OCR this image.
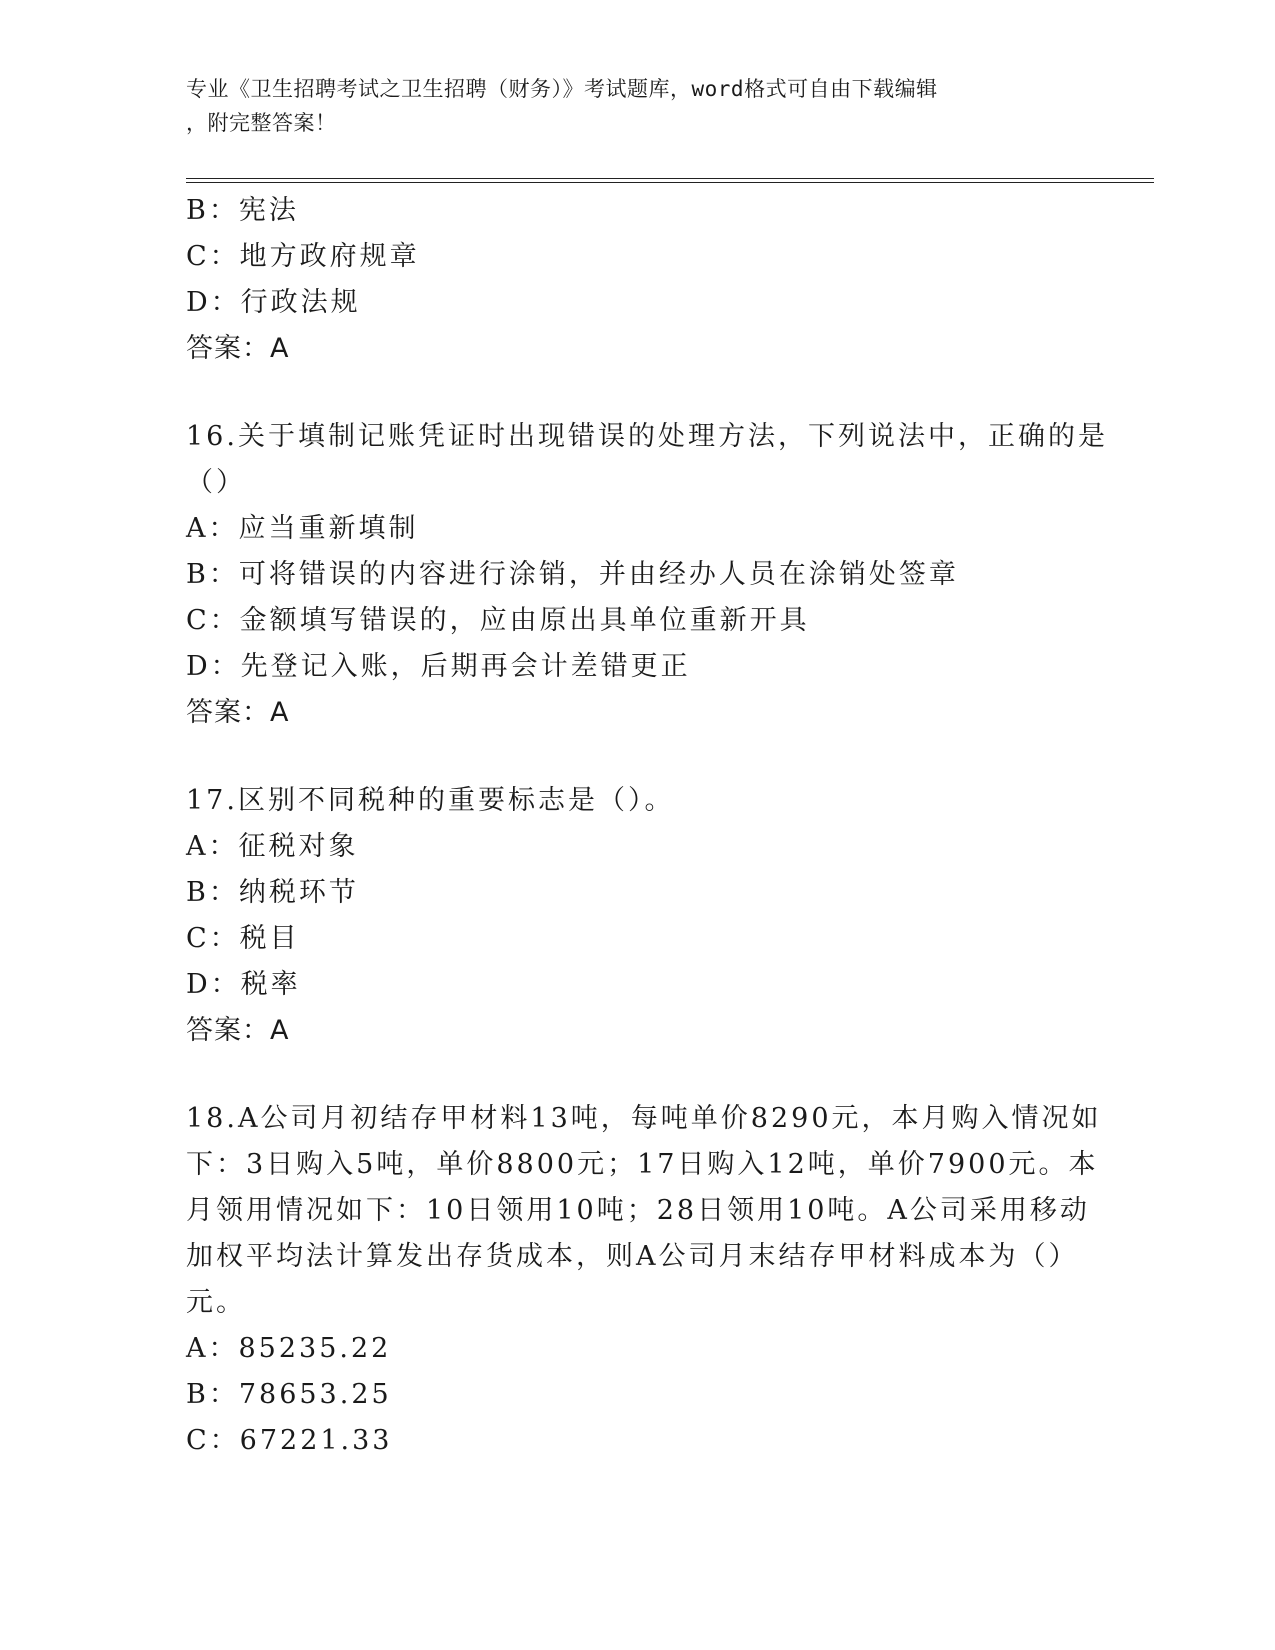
专业《卫生招聘考试之卫生招聘（财务）》考试题库，word格式可自由下载编辑
，附完整答案！
B：宪法
C：地方政府规章
D：行政法规
答案：A
16.关于填制记账凭证时出现错误的处理方法，下列说法中，正确的是
（）
A：应当重新填制
B：可将错误的内容进行涂销，并由经办人员在涂销处签章
C：金额填写错误的，应由原出具单位重新开具
D：先登记入账，后期再会计差错更正
答案：A
17.区别不同税种的重要标志是（）。
A：征税对象
B：纳税环节
C：税目
D：税率
答案：A
18.A公司月初结存甲材料13吨，每吨单价8290元，本月购入情况如
下：3日购入5吨，单价8800元；17日购入12吨，单价7900元。本
月领用情况如下：10日领用10吨；28日领用10吨。A公司采用移动
加权平均法计算发出存货成本，则A公司月末结存甲材料成本为（）
元。
A：85235.22
B：78653.25
C：67221.33
